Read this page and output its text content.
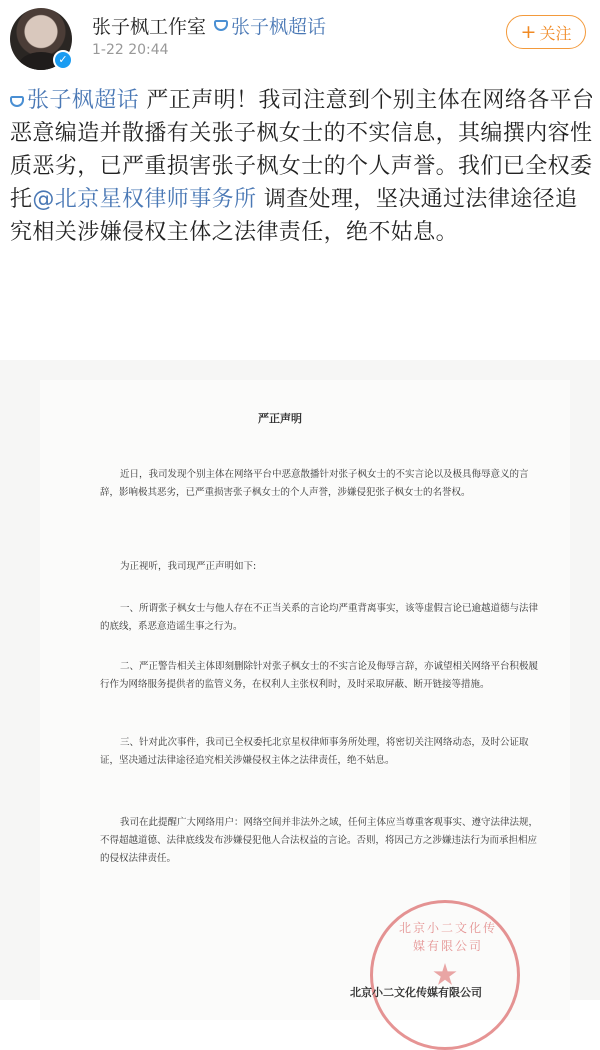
✓
张子枫工作室 张子枫超话
1-22 20:44
+ 关注
张子枫超话 严正声明！我司注意到个别主体在网络各平台恶意编造并散播有关张子枫女士的不实信息，其编撰内容性质恶劣，已严重损害张子枫女士的个人声誉。我们已全权委托@北京星权律师事务所 调查处理，坚决通过法律途径追究相关涉嫌侵权主体之法律责任，绝不姑息。
严正声明
近日，我司发现个别主体在网络平台中恶意散播针对张子枫女士的不实言论以及极具侮辱意义的言辞，影响极其恶劣，已严重损害张子枫女士的个人声誉，涉嫌侵犯张子枫女士的名誉权。
为正视听，我司现严正声明如下:
一、所谓张子枫女士与他人存在不正当关系的言论均严重背离事实，该等虚假言论已逾越道德与法律的底线，系恶意造谣生事之行为。
二、严正警告相关主体即刻删除针对张子枫女士的不实言论及侮辱言辞，亦诚望相关网络平台积极履行作为网络服务提供者的监管义务，在权利人主张权利时，及时采取屏蔽、断开链接等措施。
三、针对此次事件，我司已全权委托北京星权律师事务所处理，将密切关注网络动态，及时公证取证，坚决通过法律途径追究相关涉嫌侵权主体之法律责任，绝不姑息。
我司在此提醒广大网络用户：网络空间并非法外之域，任何主体应当尊重客观事实、遵守法律法规，不得超越道德、法律底线发布涉嫌侵犯他人合法权益的言论。否则，将因己方之涉嫌违法行为而承担相应的侵权法律责任。
北京小二文化传媒有限公司
北京小二文化传媒有限公司
